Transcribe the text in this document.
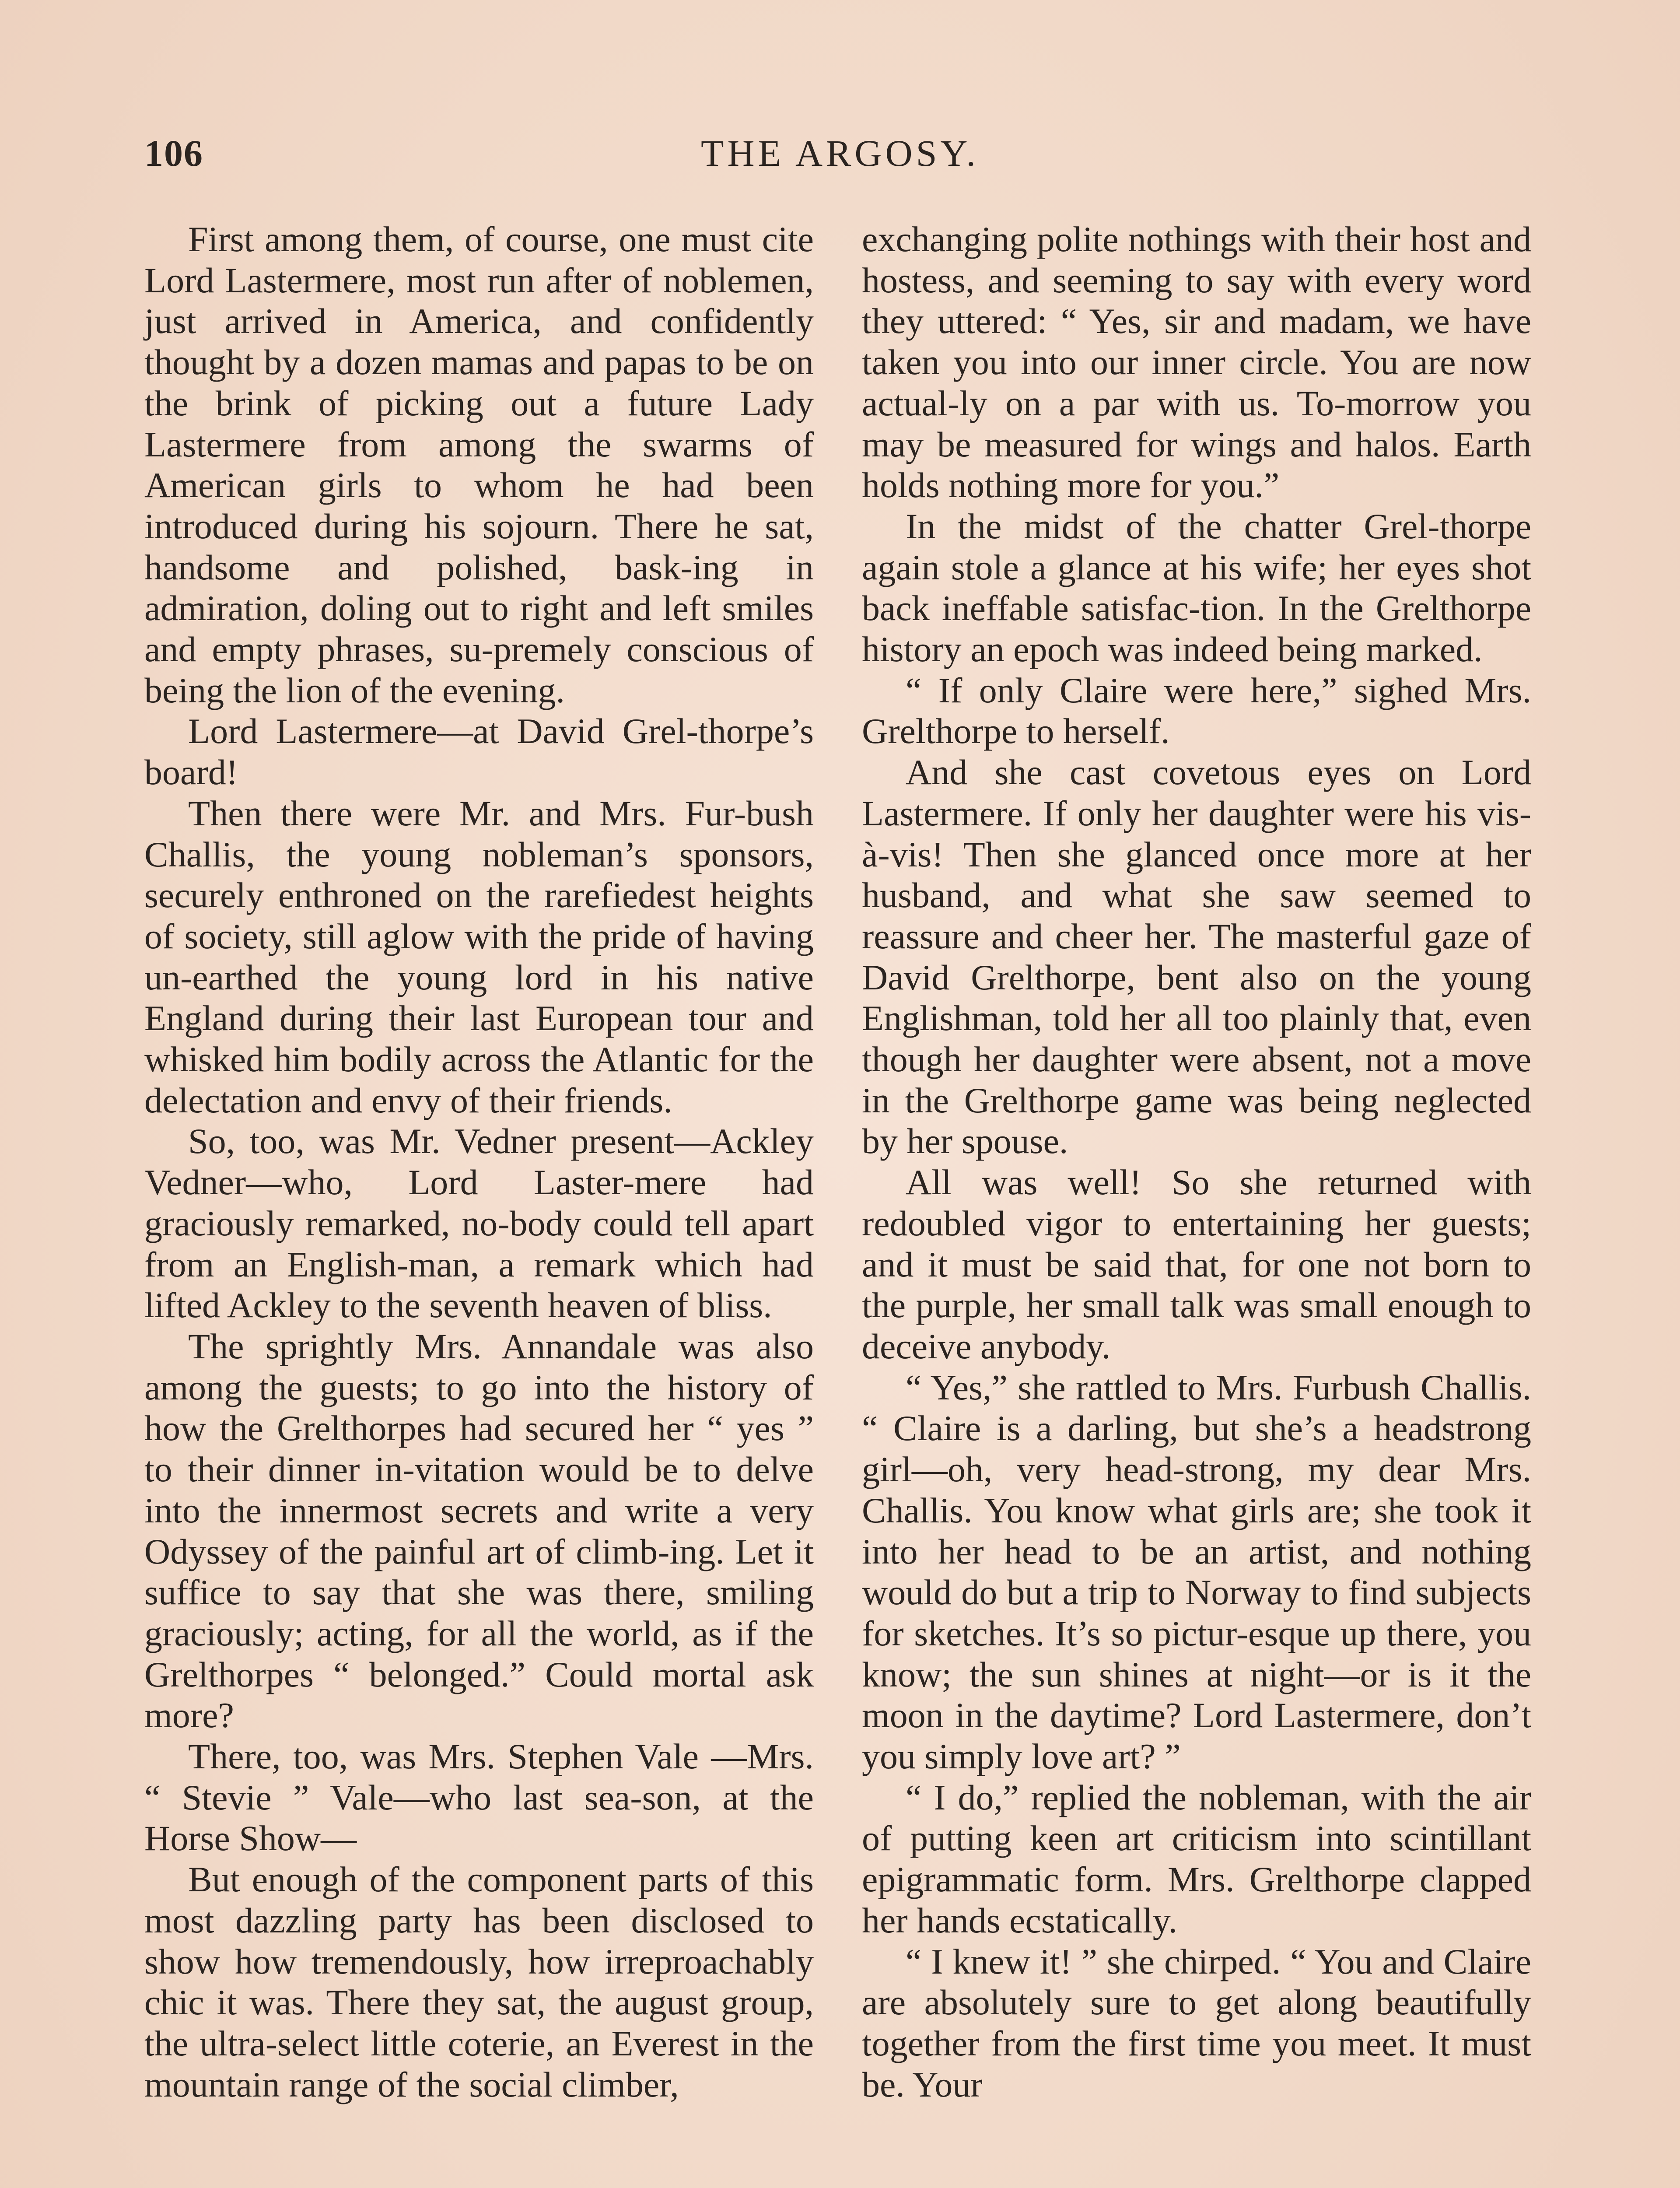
106	THE ARGOSY.

First among them, of course, one must cite Lord Lastermere, most run after of noblemen, just arrived in America, and confidently thought by a dozen mamas and papas to be on the brink of picking out a future Lady Lastermere from among the swarms of American girls to whom he had been introduced during his sojourn. There he sat, handsome and polished, bask-ing in admiration, doling out to right and left smiles and empty phrases, su-premely conscious of being the lion of the evening.

Lord Lastermere—at David Grel-thorpe’s board!

Then there were Mr. and Mrs. Fur-bush Challis, the young nobleman’s sponsors, securely enthroned on the rarefiedest heights of society, still aglow with the pride of having un-earthed the young lord in his native England during their last European tour and whisked him bodily across the Atlantic for the delectation and envy of their friends.

So, too, was Mr. Vedner present—Ackley Vedner—who, Lord Laster-mere had graciously remarked, no-body could tell apart from an English-man, a remark which had lifted Ackley to the seventh heaven of bliss.

The sprightly Mrs. Annandale was also among the guests; to go into the history of how the Grelthorpes had secured her “ yes ” to their dinner in-vitation would be to delve into the innermost secrets and write a very Odyssey of the painful art of climb-ing. Let it suffice to say that she was there, smiling graciously; acting, for all the world, as if the Grelthorpes “ belonged.” Could mortal ask more?

There, too, was Mrs. Stephen Vale —Mrs. “ Stevie ” Vale—who last sea-son, at the Horse Show—

But enough of the component parts of this most dazzling party has been disclosed to show how tremendously, how irreproachably chic it was. There they sat, the august group, the ultra-select little coterie, an Everest in the mountain range of the social climber,

exchanging polite nothings with their host and hostess, and seeming to say with every word they uttered: “ Yes, sir and madam, we have taken you into our inner circle. You are now actual-ly on a par with us. To-morrow you may be measured for wings and halos. Earth holds nothing more for you.”

In the midst of the chatter Grel-thorpe again stole a glance at his wife; her eyes shot back ineffable satisfac-tion. In the Grelthorpe history an epoch was indeed being marked.

“ If only Claire were here,” sighed Mrs. Grelthorpe to herself.

And she cast covetous eyes on Lord Lastermere. If only her daughter were his vis-à-vis! Then she glanced once more at her husband, and what she saw seemed to reassure and cheer her. The masterful gaze of David Grelthorpe, bent also on the young Englishman, told her all too plainly that, even though her daughter were absent, not a move in the Grelthorpe game was being neglected by her spouse.

All was well! So she returned with redoubled vigor to entertaining her guests; and it must be said that, for one not born to the purple, her small talk was small enough to deceive anybody.

“ Yes,” she rattled to Mrs. Furbush Challis. “ Claire is a darling, but she’s a headstrong girl—oh, very head-strong, my dear Mrs. Challis. You know what girls are; she took it into her head to be an artist, and nothing would do but a trip to Norway to find subjects for sketches. It’s so pictur-esque up there, you know; the sun shines at night—or is it the moon in the daytime? Lord Lastermere, don’t you simply love art? ”

“ I do,” replied the nobleman, with the air of putting keen art criticism into scintillant epigrammatic form. Mrs. Grelthorpe clapped her hands ecstatically.

“ I knew it! ” she chirped. “ You and Claire are absolutely sure to get along beautifully together from the first time you meet. It must be. Your
